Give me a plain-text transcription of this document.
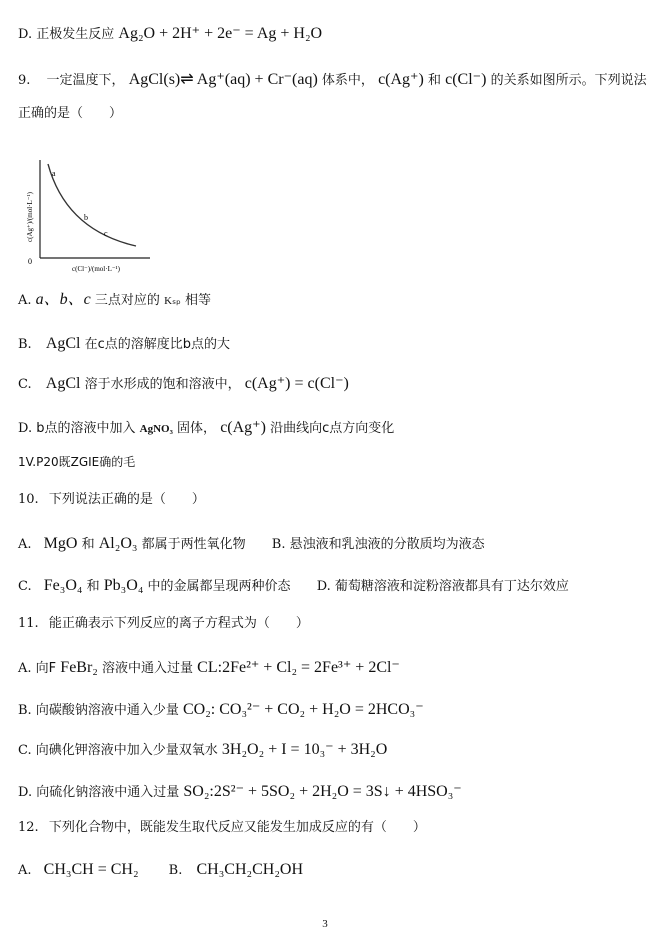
D. 正极发生反应 Ag₂O + 2H⁺ + 2e⁻ = Ag + H₂O
9. 一定温度下， AgCl(s)⇌ Ag⁺(aq) + Cr⁻(aq) 体系中， c(Ag⁺) 和 c(Cl⁻) 的关系如图所示。下列说法
正确的是（　　）
a
b
c
0
c(Cl⁻)/(mol·L⁻¹)
c(Ag⁺)/(mol·L⁻¹)
A. a、b、c 三点对应的 Kₛₚ 相等
B. AgCl 在c点的溶解度比b点的大
C. AgCl 溶于水形成的饱和溶液中， c(Ag⁺) = c(Cl⁻)
D. b点的溶液中加入 AgNO₃ 固体， c(Ag⁺) 沿曲线向c点方向变化
1V.P20既ZGIE确的毛
10. 下列说法正确的是（　　）
A. MgO 和 Al₂O₃ 都属于两性氧化物 B. 悬浊液和乳浊液的分散质均为液态
C. Fe₃O₄ 和 Pb₃O₄ 中的金属都呈现两种价态 D. 葡萄糖溶液和淀粉溶液都具有丁达尔效应
11. 能正确表示下列反应的离子方程式为（　　）
A. 向F FeBr₂ 溶液中通入过量 CL:2Fe²⁺ + Cl₂ = 2Fe³⁺ + 2Cl⁻
B. 向碳酸钠溶液中通入少量 CO₂: CO₃²⁻ + CO₂ + H₂O = 2HCO₃⁻
C. 向碘化钾溶液中加入少量双氧水 3H₂O₂ + I = 10₃⁻ + 3H₂O
D. 向硫化钠溶液中通入过量 SO₂:2S²⁻ + 5SO₂ + 2H₂O = 3S↓ + 4HSO₃⁻
12. 下列化合物中，既能发生取代反应又能发生加成反应的有（　　）
A. CH₃CH = CH₂ B. CH₃CH₂CH₂OH
3
